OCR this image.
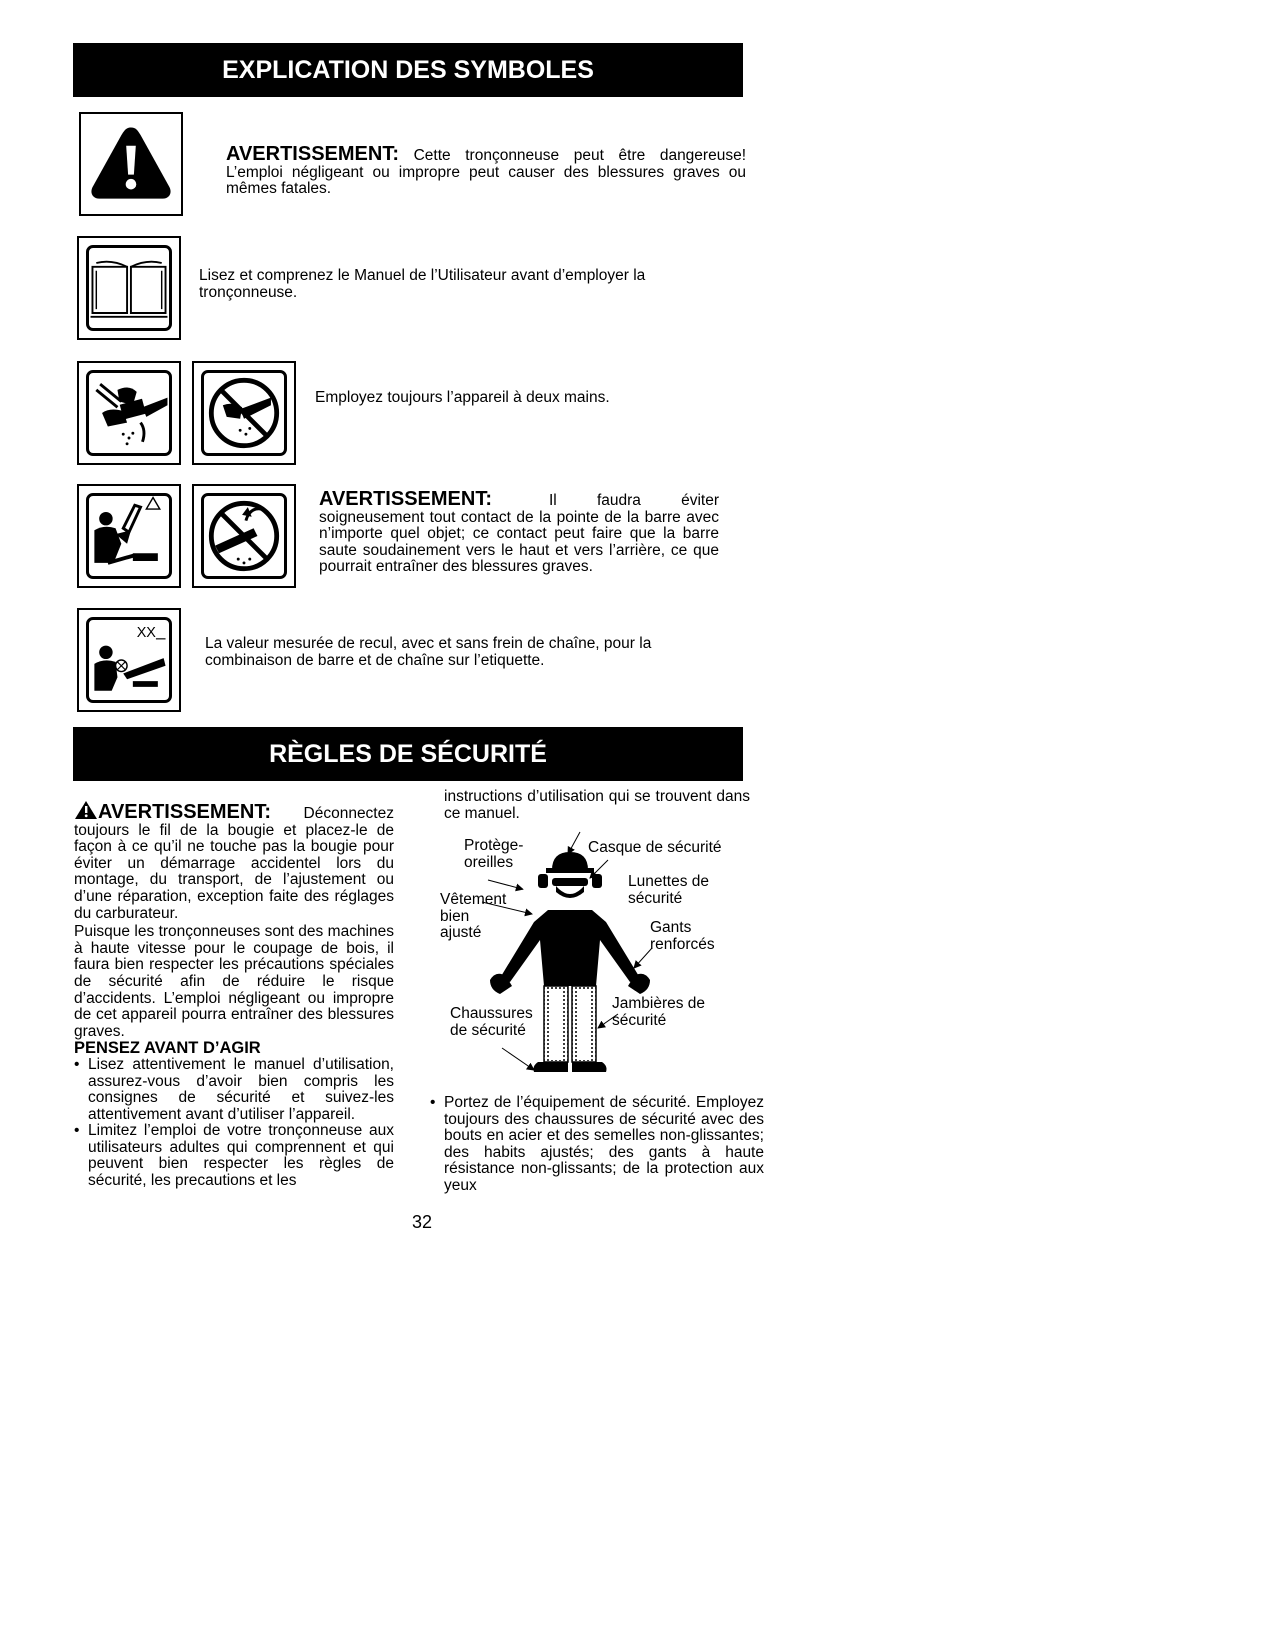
EXPLICATION DES SYMBOLES
AVERTISSEMENT: Cette tronçonneuse peut être dangereuse! L’emploi négligeant ou impropre peut causer des blessures graves ou mêmes fatales.
Lisez et comprenez le Manuel de l’Utilisateur avant d’employer la tronçonneuse.
Employez toujours l’appareil à deux mains.
AVERTISSEMENT:	Il	faudra	éviter
soigneusement tout contact de la pointe de la barre avec n’importe quel objet; ce contact peut faire que la barre saute soudainement vers le haut et vers l’arrière, ce que pourrait entraîner des blessures graves.
XX
La valeur mesurée de recul, avec et sans frein de chaîne, pour la combinaison de barre et de chaîne sur l’etiquette.
RÈGLES DE SÉCURITÉ

AVERTISSEMENT: Déconnectez toujours le fil de la bougie et placez-le de façon à ce qu’il ne touche pas la bougie pour éviter un démarrage accidentel lors du montage, du transport, de l’ajustement ou d’une réparation, exception faite des réglages du carburateur.

Puisque les tronçonneuses sont des machines à haute vitesse pour le coupage de bois, il faura bien respecter les précautions spéciales de sécurité afin de réduire le risque d’accidents. L’emploi négligeant ou impropre de cet appareil pourra entraîner des blessures graves.

PENSEZ AVANT D’AGIR

• Lisez attentivement le manuel d’utilisation, assurez-vous d’avoir bien compris les consignes de sécurité et suivez-les attentivement avant d’utiliser l’appareil.

• Limitez l’emploi de votre tronçonneuse aux utilisateurs adultes qui comprennent et qui peuvent bien respecter les règles de sécurité, les precautions et les

instructions d’utilisation qui se trouvent dans ce manuel.
Protège-
oreilles
Casque de sécurité
Lunettes de
sécurité
Vêtement
bien
ajusté	Gants
renforcés
Jambières de
sécurité
Chaussures
de sécurité
• Portez de l’équipement de sécurité. Employez toujours des chaussures de sécurité avec des bouts en acier et des semelles non-glissantes; des habits ajustés; des gants à haute résistance non-glissants; de la protection aux yeux
32
